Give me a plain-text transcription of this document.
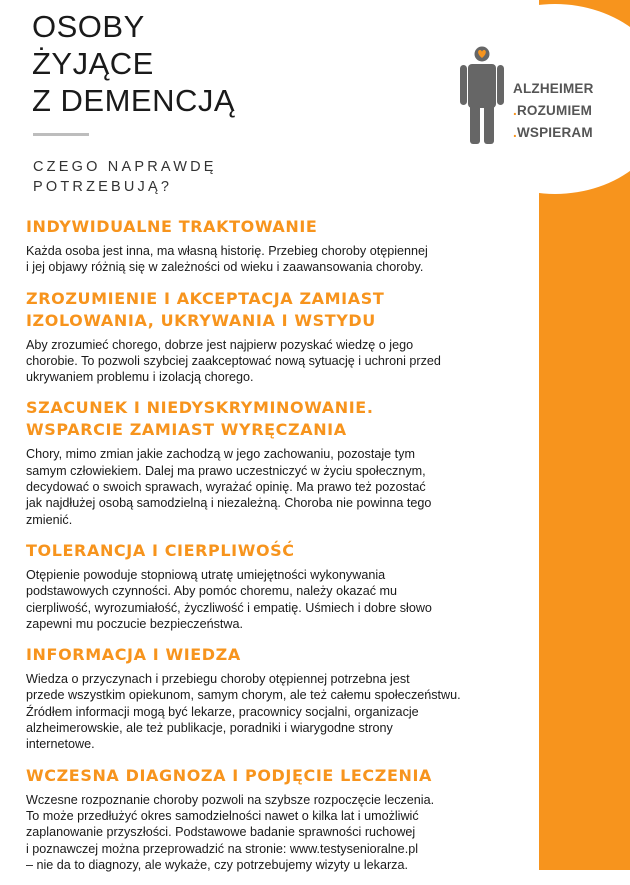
ALZHEIMER
.ROZUMIEM
.WSPIERAM
OSOBY
ŻYJĄCE
Z DEMENCJĄ
CZEGO NAPRAWDĘ
POTRZEBUJĄ?
INDYWIDUALNE TRAKTOWANIE
Każda osoba jest inna, ma własną historię. Przebieg choroby otępiennej
i jej objawy różnią się w zależności od wieku i zaawansowania choroby.
ZROZUMIENIE I AKCEPTACJA ZAMIAST
IZOLOWANIA, UKRYWANIA I WSTYDU
Aby zrozumieć chorego, dobrze jest najpierw pozyskać wiedzę o jego
chorobie. To pozwoli szybciej zaakceptować nową sytuację i uchroni przed
ukrywaniem problemu i izolacją chorego.
SZACUNEK I NIEDYSKRYMINOWANIE.
WSPARCIE ZAMIAST WYRĘCZANIA
Chory, mimo zmian jakie zachodzą w jego zachowaniu, pozostaje tym
samym człowiekiem. Dalej ma prawo uczestniczyć w życiu społecznym,
decydować o swoich sprawach, wyrażać opinię. Ma prawo też pozostać
jak najdłużej osobą samodzielną i niezależną. Choroba nie powinna tego
zmienić.
TOLERANCJA I CIERPLIWOŚĆ
Otępienie powoduje stopniową utratę umiejętności wykonywania
podstawowych czynności. Aby pomóc choremu, należy okazać mu
cierpliwość, wyrozumiałość, życzliwość i empatię. Uśmiech i dobre słowo
zapewni mu poczucie bezpieczeństwa.
INFORMACJA I WIEDZA
Wiedza o przyczynach i przebiegu choroby otępiennej potrzebna jest
przede wszystkim opiekunom, samym chorym, ale też całemu społeczeństwu.
Źródłem informacji mogą być lekarze, pracownicy socjalni, organizacje
alzheimerowskie, ale też publikacje, poradniki i wiarygodne strony
internetowe.
WCZESNA DIAGNOZA I PODJĘCIE LECZENIA
Wczesne rozpoznanie choroby pozwoli na szybsze rozpoczęcie leczenia.
To może przedłużyć okres samodzielności nawet o kilka lat i umożliwić
zaplanowanie przyszłości. Podstawowe badanie sprawności ruchowej
i poznawczej można przeprowadzić na stronie: www.testysenioralne.pl
– nie da to diagnozy, ale wykaże, czy potrzebujemy wizyty u lekarza.
